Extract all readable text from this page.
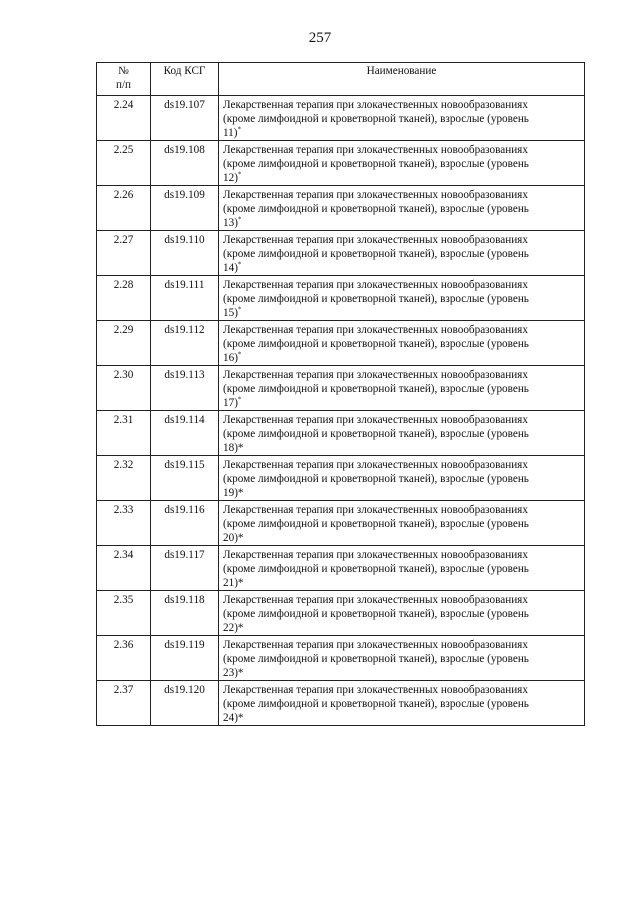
257
№
п/п	Код КСГ	Наименование
2.24	ds19.107	Лекарственная терапия при злокачественных новообразованиях
(кроме лимфоидной и кроветворной тканей), взрослые (уровень
11)*

2.25	ds19.108	Лекарственная терапия при злокачественных новообразованиях
(кроме лимфоидной и кроветворной тканей), взрослые (уровень
12)*

2.26	ds19.109	Лекарственная терапия при злокачественных новообразованиях
(кроме лимфоидной и кроветворной тканей), взрослые (уровень
13)*

2.27	ds19.110	Лекарственная терапия при злокачественных новообразованиях
(кроме лимфоидной и кроветворной тканей), взрослые (уровень
14)*

2.28	ds19.111	Лекарственная терапия при злокачественных новообразованиях
(кроме лимфоидной и кроветворной тканей), взрослые (уровень
15)*

2.29	ds19.112	Лекарственная терапия при злокачественных новообразованиях
(кроме лимфоидной и кроветворной тканей), взрослые (уровень
16)*

2.30	ds19.113	Лекарственная терапия при злокачественных новообразованиях
(кроме лимфоидной и кроветворной тканей), взрослые (уровень
17)*

2.31	ds19.114	Лекарственная терапия при злокачественных новообразованиях
(кроме лимфоидной и кроветворной тканей), взрослые (уровень
18)*

2.32	ds19.115	Лекарственная терапия при злокачественных новообразованиях
(кроме лимфоидной и кроветворной тканей), взрослые (уровень
19)*

2.33	ds19.116	Лекарственная терапия при злокачественных новообразованиях
(кроме лимфоидной и кроветворной тканей), взрослые (уровень
20)*

2.34	ds19.117	Лекарственная терапия при злокачественных новообразованиях
(кроме лимфоидной и кроветворной тканей), взрослые (уровень
21)*

2.35	ds19.118	Лекарственная терапия при злокачественных новообразованиях
(кроме лимфоидной и кроветворной тканей), взрослые (уровень
22)*

2.36	ds19.119	Лекарственная терапия при злокачественных новообразованиях
(кроме лимфоидной и кроветворной тканей), взрослые (уровень
23)*

2.37	ds19.120	Лекарственная терапия при злокачественных новообразованиях
(кроме лимфоидной и кроветворной тканей), взрослые (уровень
24)*
